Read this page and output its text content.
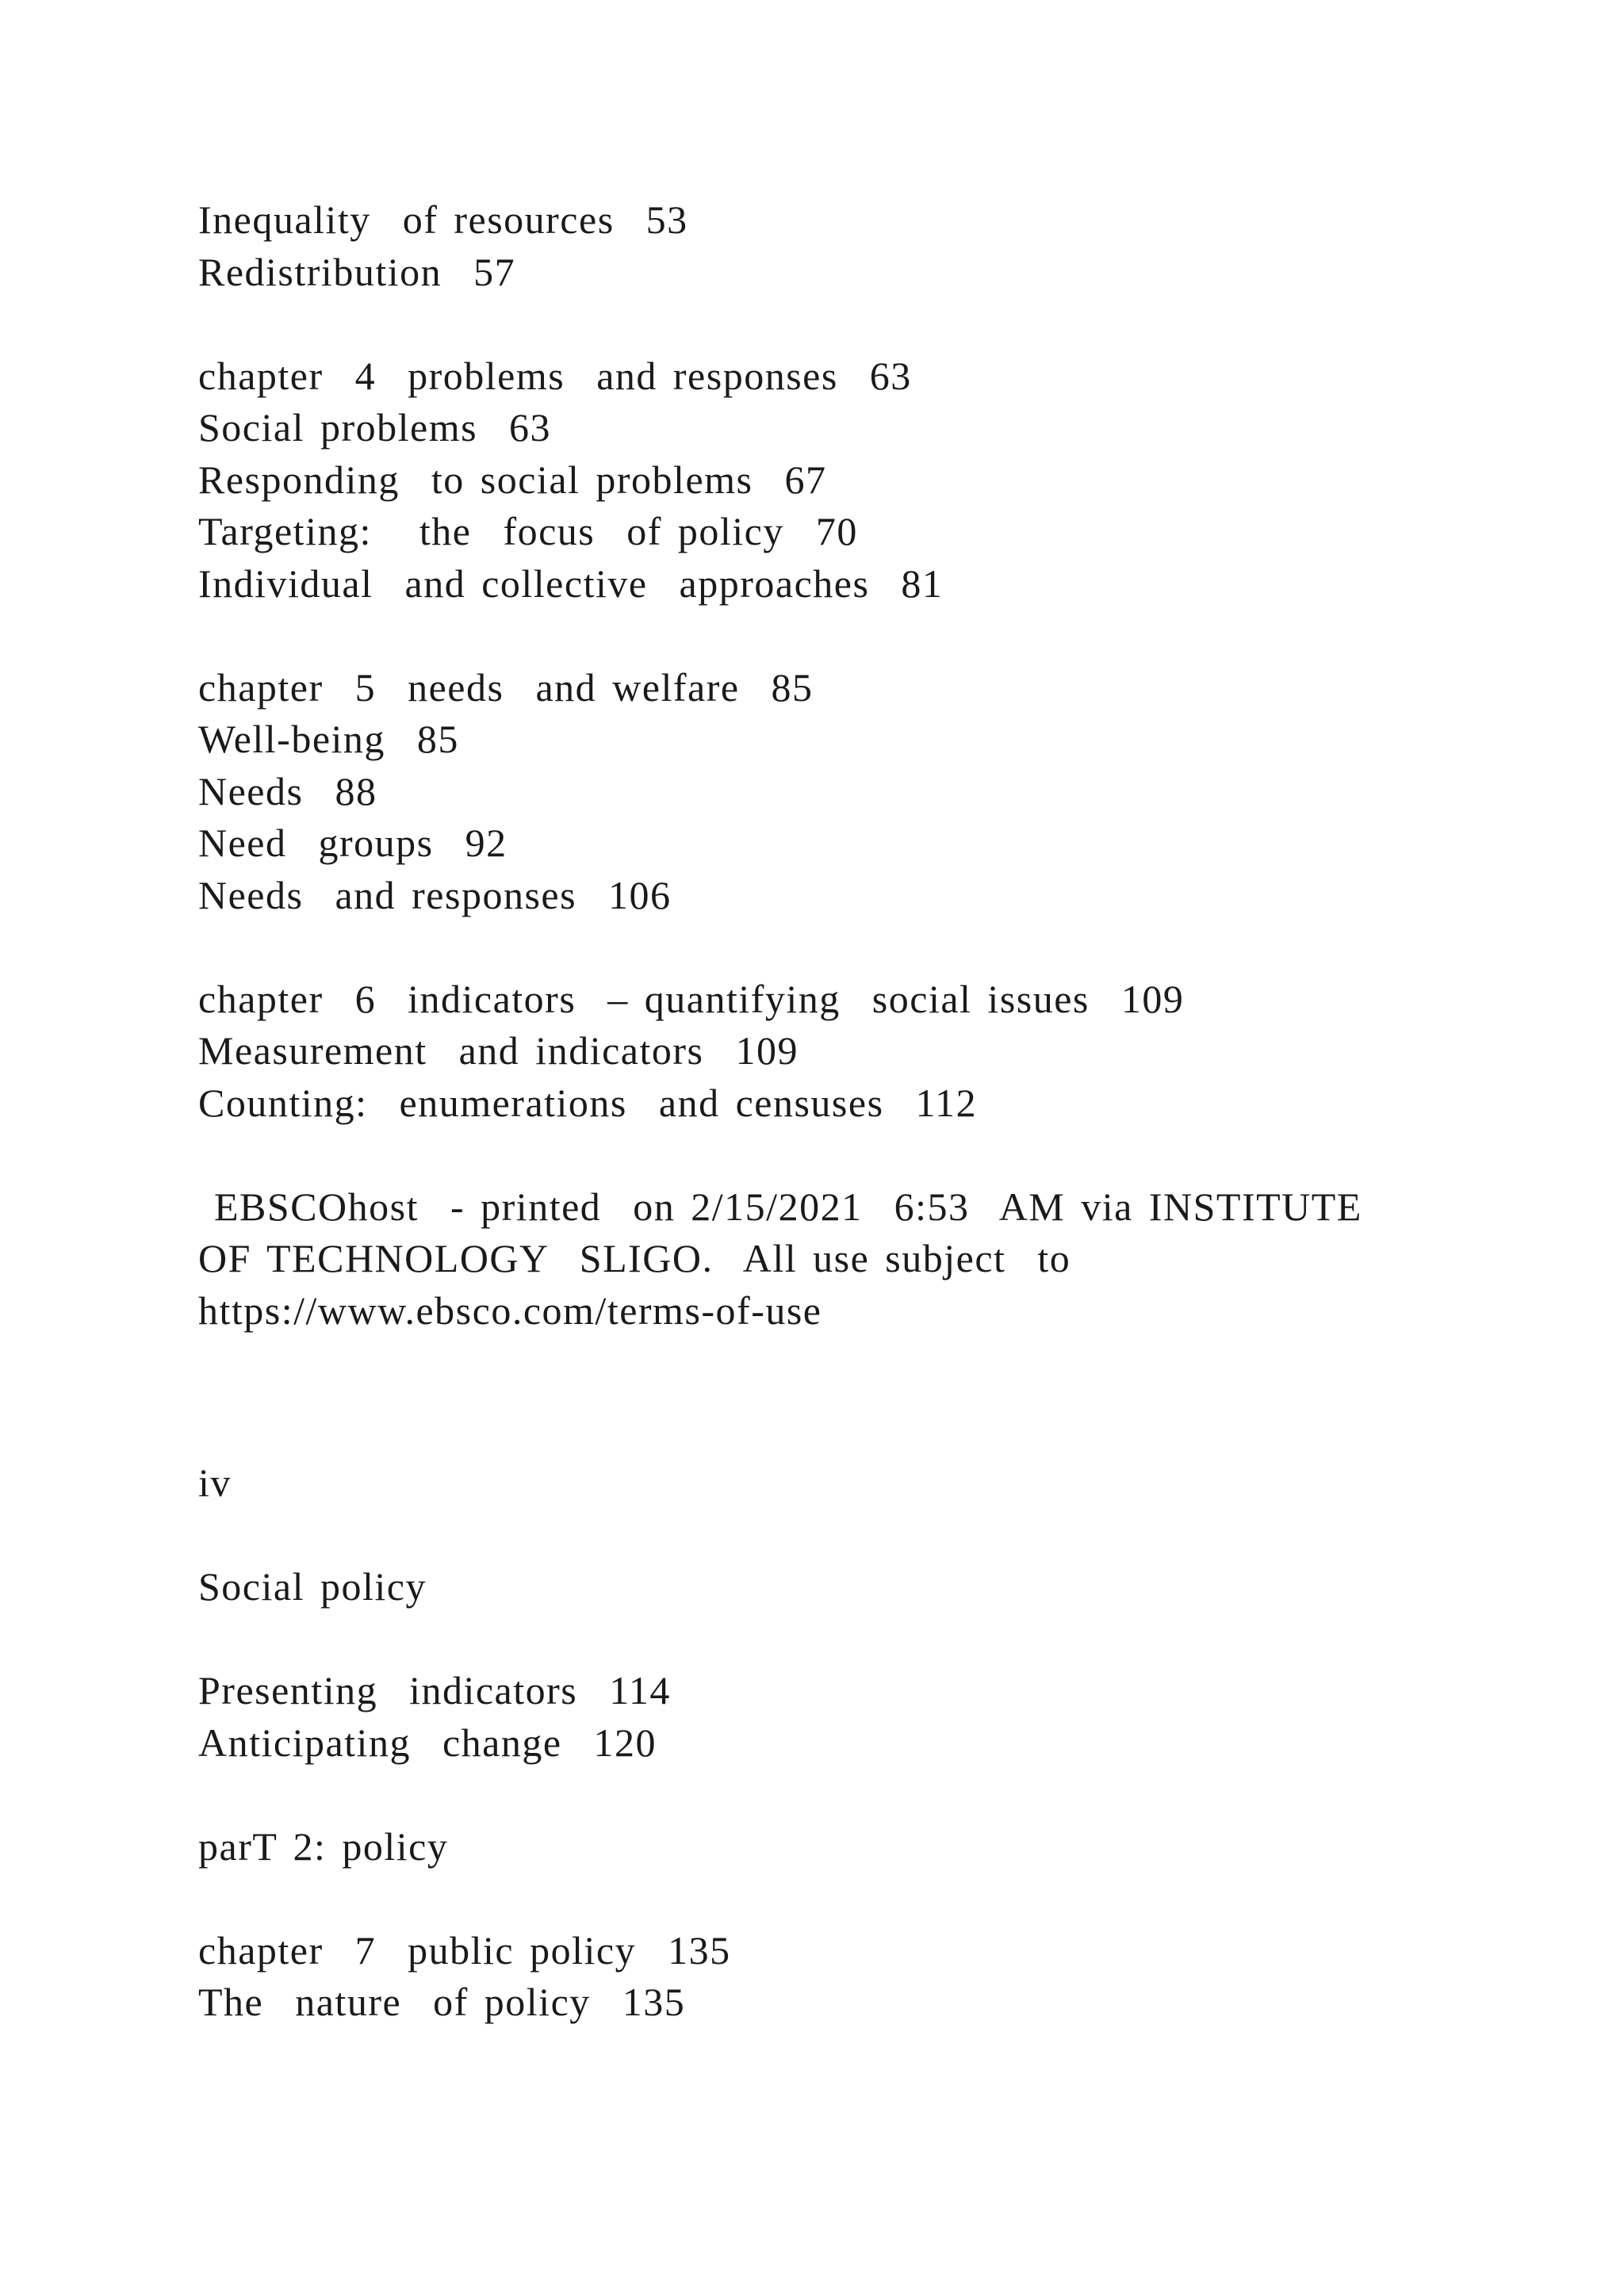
Inequality  of resources  53
Redistribution  57
chapter  4  problems  and responses  63
Social problems  63
Responding  to social problems  67
Targeting:   the  focus  of policy  70
Individual  and collective  approaches  81
chapter  5  needs  and welfare  85
Well-being  85
Needs  88
Need  groups  92
Needs  and responses  106
chapter  6  indicators  – quantifying  social issues  109
Measurement  and indicators  109
Counting:  enumerations  and censuses  112
EBSCOhost  - printed  on 2/15/2021  6:53  AM via INSTITUTE
OF TECHNOLOGY  SLIGO.  All use subject  to
https://www.ebsco.com/terms-of-use
iv
Social policy
Presenting  indicators  114
Anticipating  change  120
parT 2: policy
chapter  7  public policy  135
The  nature  of policy  135
